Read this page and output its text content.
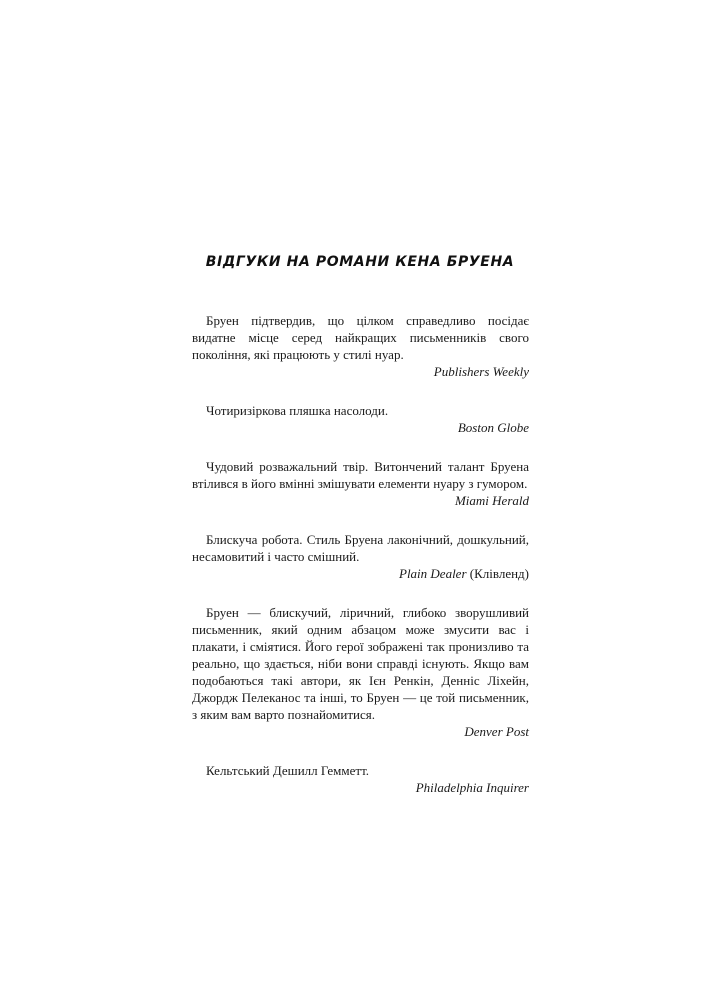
ВІДГУКИ НА РОМАНИ КЕНА БРУЕНА

Бруен підтвердив, що цілком справедливо посідає видатне місце серед найкращих письменників свого покоління, які працюють у стилі нуар.

Publishers Weekly

Чотиризіркова пляшка насолоди.

Boston Globe

Чудовий розважальний твір. Витончений талант Бруена втілився в його вмінні змішувати елементи нуару з гумором.

Miami Herald

Блискуча робота. Стиль Бруена лаконічний, дошкульний, несамовитий і часто смішний.

Plain Dealer (Клівленд)

Бруен — блискучий, ліричний, глибоко зворушливий письменник, який одним абзацом може змусити вас і плакати, і сміятися. Його герої зображені так пронизливо та реально, що здається, ніби вони справді існують. Якщо вам подобаються такі автори, як Ієн Ренкін, Денніс Ліхейн, Джордж Пелеканос та інші, то Бруен — це той письменник, з яким вам варто познайомитися.

Denver Post

Кельтський Дешилл Гемметт.

Philadelphia Inquirer
